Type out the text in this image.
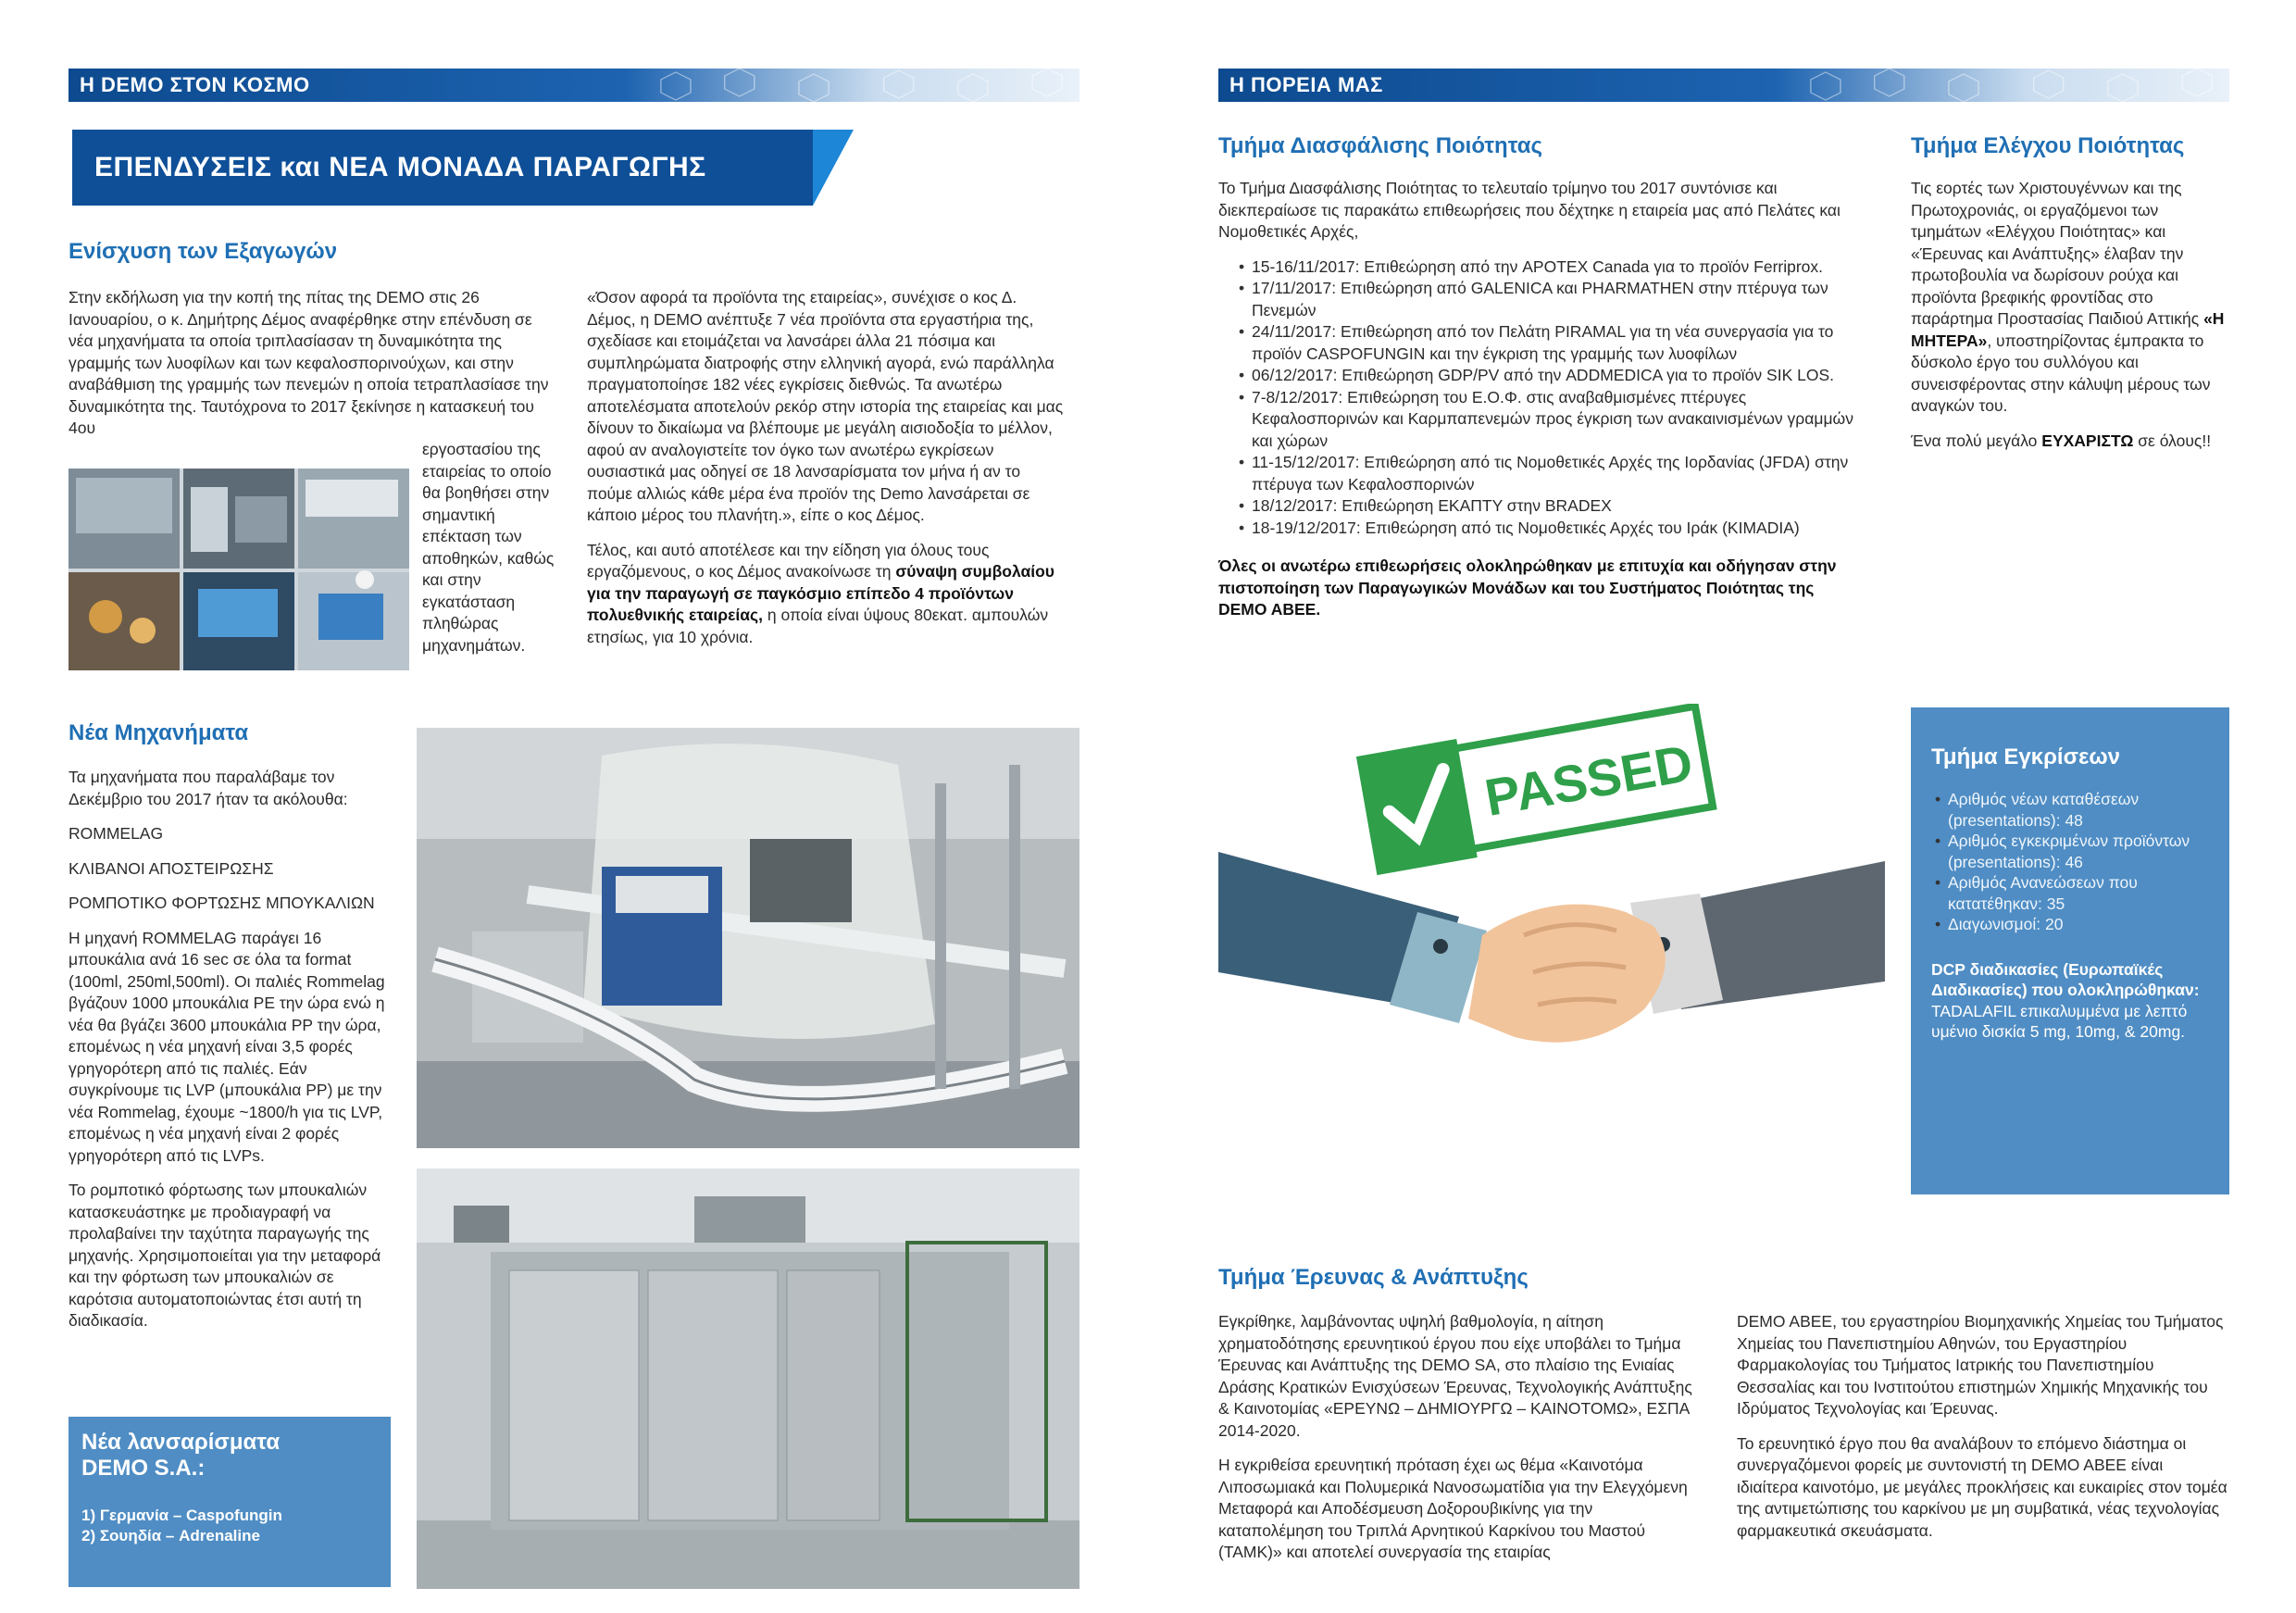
Η DEMO ΣΤΟΝ ΚΟΣΜΟ
ΕΠΕΝΔΥΣΕΙΣ και ΝΕΑ ΜΟΝΑΔΑ ΠΑΡΑΓΩΓΗΣ
Ενίσχυση των Εξαγωγών
Στην εκδήλωση για την κοπή της πίτας της DEMO στις 26 Ιανουαρίου, ο κ. Δημήτρης Δέμος αναφέρθηκε στην επένδυση σε νέα μηχανήματα τα οποία τριπλασίασαν τη δυναμικότητα της γραμμής των λυοφίλων και των κεφαλοσπορινούχων, και στην αναβάθμιση της γραμμής των πενεμών η οποία τετραπλασίασε την δυναμικότητα της. Ταυτόχρονα το 2017 ξεκίνησε η κατασκευή του 4ου
εργοστασίου της εταιρείας το οποίο θα βοηθήσει στην σημαντική επέκταση των αποθηκών, καθώς και στην εγκατάσταση πληθώρας μηχανημάτων.

«Όσον αφορά τα προϊόντα της εταιρείας», συνέχισε ο κος Δ. Δέμος, η DEMO ανέπτυξε 7 νέα προϊόντα στα εργαστήρια της, σχεδίασε και ετοιμάζεται να λανσάρει άλλα 21 πόσιμα και συμπληρώματα διατροφής στην ελληνική αγορά, ενώ παράλληλα πραγματοποίησε 182 νέες εγκρίσεις διεθνώς. Τα ανωτέρω αποτελέσματα αποτελούν ρεκόρ στην ιστορία της εταιρείας και μας δίνουν το δικαίωμα να βλέπουμε με μεγάλη αισιοδοξία το μέλλον, αφού αν αναλογιστείτε τον όγκο των ανωτέρω εγκρίσεων ουσιαστικά μας οδηγεί σε 18 λανσαρίσματα τον μήνα ή αν το πούμε αλλιώς κάθε μέρα ένα προϊόν της Demo λανσάρεται σε κάποιο μέρος του πλανήτη.», είπε ο κος Δέμος.

Τέλος, και αυτό αποτέλεσε και την είδηση για όλους τους εργαζόμενους, ο κος Δέμος ανακοίνωσε τη σύναψη συμβολαίου για την παραγωγή σε παγκόσμιο επίπεδο 4 προϊόντων πολυεθνικής εταιρείας, η οποία είναι ύψους 80εκατ. αμπουλών ετησίως, για 10 χρόνια.

Νέα Μηχανήματα

Τα μηχανήματα που παραλάβαμε τον Δεκέμβριο του 2017 ήταν τα ακόλουθα:

ROMMELAG

ΚΛΙΒΑΝΟΙ ΑΠΟΣΤΕΙΡΩΣΗΣ

ΡΟΜΠΟΤΙΚΟ ΦΟΡΤΩΣΗΣ ΜΠΟΥΚΑΛΙΩΝ

Η μηχανή ROMMELAG παράγει 16 μπουκάλια ανά 16 sec σε όλα τα format (100ml, 250ml,500ml). Οι παλιές Rommelag βγάζουν 1000 μπουκάλια PE την ώρα ενώ η νέα θα βγάζει 3600 μπουκάλια PP την ώρα, επομένως η νέα μηχανή είναι 3,5 φορές γρηγορότερη από τις παλιές. Εάν συγκρίνουμε τις LVP (μπουκάλια PP) με την νέα Rommelag, έχουμε ~1800/h για τις LVP, επομένως η νέα μηχανή είναι 2 φορές γρηγορότερη από τις LVPs.

Το ρομποτικό φόρτωσης των μπουκαλιών κατασκευάστηκε με προδιαγραφή να προλαβαίνει την ταχύτητα παραγωγής της μηχανής. Χρησιμοποιείται για την μεταφορά και την φόρτωση των μπουκαλιών σε καρότσια αυτοματοποιώντας έτσι αυτή τη διαδικασία.

Νέα λανσαρίσματα
DEMO S.A.:
1) Γερμανία – Caspofungin
2) Σουηδία – Adrenaline
Η ΠΟΡΕΙΑ ΜΑΣ
Τμήμα Διασφάλισης Ποιότητας

Το Τμήμα Διασφάλισης Ποιότητας το τελευταίο τρίμηνο του 2017 συντόνισε και διεκπεραίωσε τις παρακάτω επιθεωρήσεις που δέχτηκε η εταιρεία μας από Πελάτες και Νομοθετικές Αρχές,

• 15-16/11/2017: Επιθεώρηση από την APOTEX Canada για το προϊόν Ferriprox.
• 17/11/2017: Επιθεώρηση από GALENICA και PHARMATHEN στην πτέρυγα των Πενεμών
• 24/11/2017: Επιθεώρηση από τον Πελάτη PIRAMAL για τη νέα συνεργασία για το προϊόν CASPOFUNGIN και την έγκριση της γραμμής των λυοφίλων
• 06/12/2017: Επιθεώρηση GDP/PV από την ADDMEDICA για το προϊόν SIK LOS.
• 7-8/12/2017: Επιθεώρηση του Ε.Ο.Φ. στις αναβαθμισμένες πτέρυγες Κεφαλοσπορινών και Καρμπαπενεμών προς έγκριση των ανακαινισμένων γραμμών και χώρων
• 11-15/12/2017: Επιθεώρηση από τις Νομοθετικές Αρχές της Ιορδανίας (JFDA) στην πτέρυγα των Κεφαλοσπορινών
• 18/12/2017: Επιθεώρηση ΕΚΑΠΤΥ στην BRADEX
• 18-19/12/2017: Επιθεώρηση από τις Νομοθετικές Αρχές του Ιράκ (KIMADIA)

Όλες οι ανωτέρω επιθεωρήσεις ολοκληρώθηκαν με επιτυχία και οδήγησαν στην πιστοποίηση των Παραγωγικών Μονάδων και του Συστήματος Ποιότητας της DEMO ABEE.

Τμήμα Ελέγχου Ποιότητας

Τις εορτές των Χριστουγέννων και της Πρωτοχρονιάς, οι εργαζόμενοι των τμημάτων «Ελέγχου Ποιότητας» και «Έρευνας και Ανάπτυξης» έλαβαν την πρωτοβουλία να δωρίσουν ρούχα και προϊόντα βρεφικής φροντίδας στο παράρτημα Προστασίας Παιδιού Αττικής «Η ΜΗΤΕΡΑ», υποστηρίζοντας έμπρακτα το δύσκολο έργο του συλλόγου και συνεισφέροντας στην κάλυψη μέρους των αναγκών του.

Ένα πολύ μεγάλο ΕΥΧΑΡΙΣΤΩ σε όλους!!

PASSED	Τμήμα Εγκρίσεων
• Αριθμός νέων καταθέσεων (presentations): 48
• Αριθμός εγκεκριμένων προϊόντων (presentations): 46
• Αριθμός Ανανεώσεων που κατατέθηκαν: 35
• Διαγωνισμοί: 20
DCP διαδικασίες (Ευρωπαϊκές Διαδικασίες) που ολοκληρώθηκαν:
TADALAFIL επικαλυμμένα με λεπτό υμένιο δισκία 5 mg, 10mg, & 20mg.
Τμήμα Έρευνας & Ανάπτυξης

Εγκρίθηκε, λαμβάνοντας υψηλή βαθμολογία, η αίτηση χρηματοδότησης ερευνητικού έργου που είχε υποβάλει το Τμήμα Έρευνας και Ανάπτυξης της DEMO SA, στο πλαίσιο της Ενιαίας Δράσης Κρατικών Ενισχύσεων Έρευνας, Τεχνολογικής Ανάπτυξης & Καινοτομίας «ΕΡΕΥΝΩ – ΔΗΜΙΟΥΡΓΩ – ΚΑΙΝΟΤΟΜΩ», ΕΣΠΑ 2014-2020.

Η εγκριθείσα ερευνητική πρόταση έχει ως θέμα «Καινοτόμα Λιποσωμιακά και Πολυμερικά Νανοσωματίδια για την Ελεγχόμενη Μεταφορά και Αποδέσμευση Δοξορουβικίνης για την καταπολέμηση του Τριπλά Αρνητικού Καρκίνου του Μαστού (ΤΑΜΚ)» και αποτελεί συνεργασία της εταιρίας

DEMO ABEE, του εργαστηρίου Βιομηχανικής Χημείας του Τμήματος Χημείας του Πανεπιστημίου Αθηνών, του Εργαστηρίου Φαρμακολογίας του Τμήματος Ιατρικής του Πανεπιστημίου Θεσσαλίας και του Ινστιτούτου επιστημών Χημικής Μηχανικής του Ιδρύματος Τεχνολογίας και Έρευνας.

Το ερευνητικό έργο που θα αναλάβουν το επόμενο διάστημα οι συνεργαζόμενοι φορείς με συντονιστή τη DEMO ABEE είναι ιδιαίτερα καινοτόμο, με μεγάλες προκλήσεις και ευκαιρίες στον τομέα της αντιμετώπισης του καρκίνου με μη συμβατικά, νέας τεχνολογίας φαρμακευτικά σκευάσματα.
